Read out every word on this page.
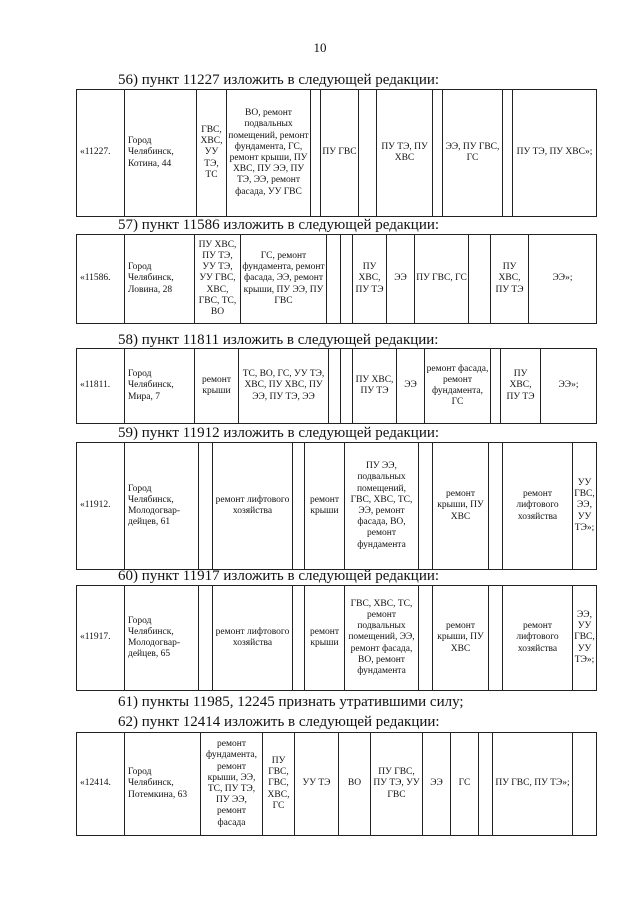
10
56) пункт 11227 изложить в следующей редакции:
«11227.	Город Челябинск, Котина, 44	ГВС, ХВС, УУ ТЭ, ТС	ВО, ремонт подвальных помещений, ремонт фундамента, ГС, ремонт крыши, ПУ ХВС, ПУ ЭЭ, ПУ ТЭ, ЭЭ, ремонт фасада, УУ ГВС		ПУ ГВС		ПУ ТЭ, ПУ ХВС		ЭЭ, ПУ ГВС, ГС		ПУ ТЭ, ПУ ХВС»;
57) пункт 11586 изложить в следующей редакции:
«11586.	Город Челябинск, Ловина, 28	ПУ ХВС, ПУ ТЭ, УУ ТЭ, УУ ГВС, ХВС, ГВС, ТС, ВО	ГС, ремонт фундамента, ремонт фасада, ЭЭ, ремонт крыши, ПУ ЭЭ, ПУ ГВС			ПУ ХВС, ПУ ТЭ	ЭЭ	ПУ ГВС, ГС		ПУ ХВС, ПУ ТЭ	ЭЭ»;
58) пункт 11811 изложить в следующей редакции:
«11811.	Город Челябинск, Мира, 7	ремонт крыши	ТС, ВО, ГС, УУ ТЭ, ХВС, ПУ ХВС, ПУ ЭЭ, ПУ ТЭ, ЭЭ			ПУ ХВС, ПУ ТЭ	ЭЭ	ремонт фасада, ремонт фундамента, ГС		ПУ ХВС, ПУ ТЭ	ЭЭ»;
59) пункт 11912 изложить в следующей редакции:
«11912.	Город Челябинск, Молодогвар-дейцев, 61		ремонт лифтового хозяйства		ремонт крыши	ПУ ЭЭ, подвальных помещений, ГВС, ХВС, ТС, ЭЭ, ремонт фасада, ВО, ремонт фундамента		ремонт крыши, ПУ ХВС		ремонт лифтового хозяйства	УУ ГВС, ЭЭ, УУ ТЭ»;
60) пункт 11917 изложить в следующей редакции:
«11917.	Город Челябинск, Молодогвар-дейцев, 65		ремонт лифтового хозяйства		ремонт крыши	ГВС, ХВС, ТС, ремонт подвальных помещений, ЭЭ, ремонт фасада, ВО, ремонт фундамента		ремонт крыши, ПУ ХВС		ремонт лифтового хозяйства	ЭЭ, УУ ГВС, УУ ТЭ»;
61) пункты 11985, 12245 признать утратившими силу;
62) пункт 12414 изложить в следующей редакции:
«12414.	Город Челябинск, Потемкина, 63	ремонт фундамента, ремонт крыши, ЭЭ, ТС, ПУ ТЭ, ПУ ЭЭ, ремонт фасада	ПУ ГВС, ГВС, ХВС, ГС	УУ ТЭ	ВО	ПУ ГВС, ПУ ТЭ, УУ ГВС	ЭЭ	ГС		ПУ ГВС, ПУ ТЭ»;	
